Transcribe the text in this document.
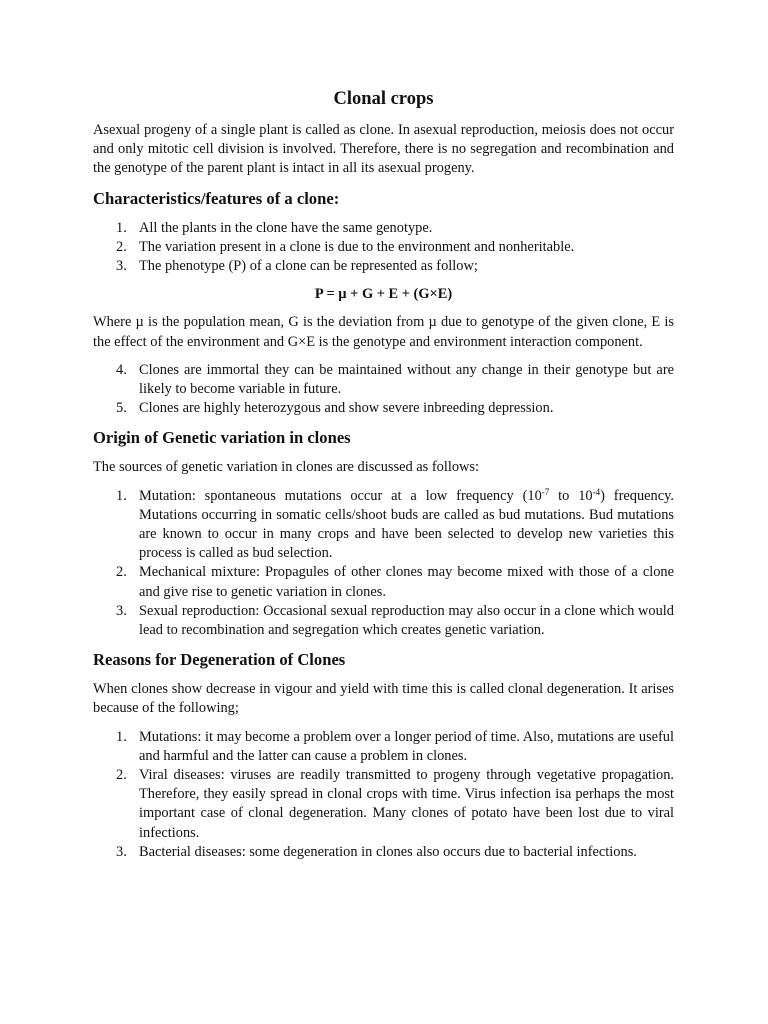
Clonal crops

Asexual progeny of a single plant is called as clone. In asexual reproduction, meiosis does not occur and only mitotic cell division is involved. Therefore, there is no segregation and recombination and the genotype of the parent plant is intact in all its asexual progeny.

Characteristics/features of a clone:
1. All the plants in the clone have the same genotype.
2. The variation present in a clone is due to the environment and nonheritable.
3. The phenotype (P) of a clone can be represented as follow;
P = µ + G + E + (G×E)

Where µ is the population mean, G is the deviation from µ due to genotype of the given clone, E is the effect of the environment and G×E is the genotype and environment interaction component.

4. Clones are immortal they can be maintained without any change in their genotype but are likely to become variable in future.
5. Clones are highly heterozygous and show severe inbreeding depression.
Origin of Genetic variation in clones

The sources of genetic variation in clones are discussed as follows:

1. Mutation: spontaneous mutations occur at a low frequency ($10^{-7}$ to $10^{-4}$) frequency. Mutations occurring in somatic cells/shoot buds are called as bud mutations. Bud mutations are known to occur in many crops and have been selected to develop new varieties this process is called as bud selection.
2. Mechanical mixture: Propagules of other clones may become mixed with those of a clone and give rise to genetic variation in clones.
3. Sexual reproduction: Occasional sexual reproduction may also occur in a clone which would lead to recombination and segregation which creates genetic variation.
Reasons for Degeneration of Clones

When clones show decrease in vigour and yield with time this is called clonal degeneration. It arises because of the following;

1. Mutations: it may become a problem over a longer period of time. Also, mutations are useful and harmful and the latter can cause a problem in clones.
2. Viral diseases: viruses are readily transmitted to progeny through vegetative propagation. Therefore, they easily spread in clonal crops with time. Virus infection isa perhaps the most important case of clonal degeneration. Many clones of potato have been lost due to viral infections.
3. Bacterial diseases: some degeneration in clones also occurs due to bacterial infections.
